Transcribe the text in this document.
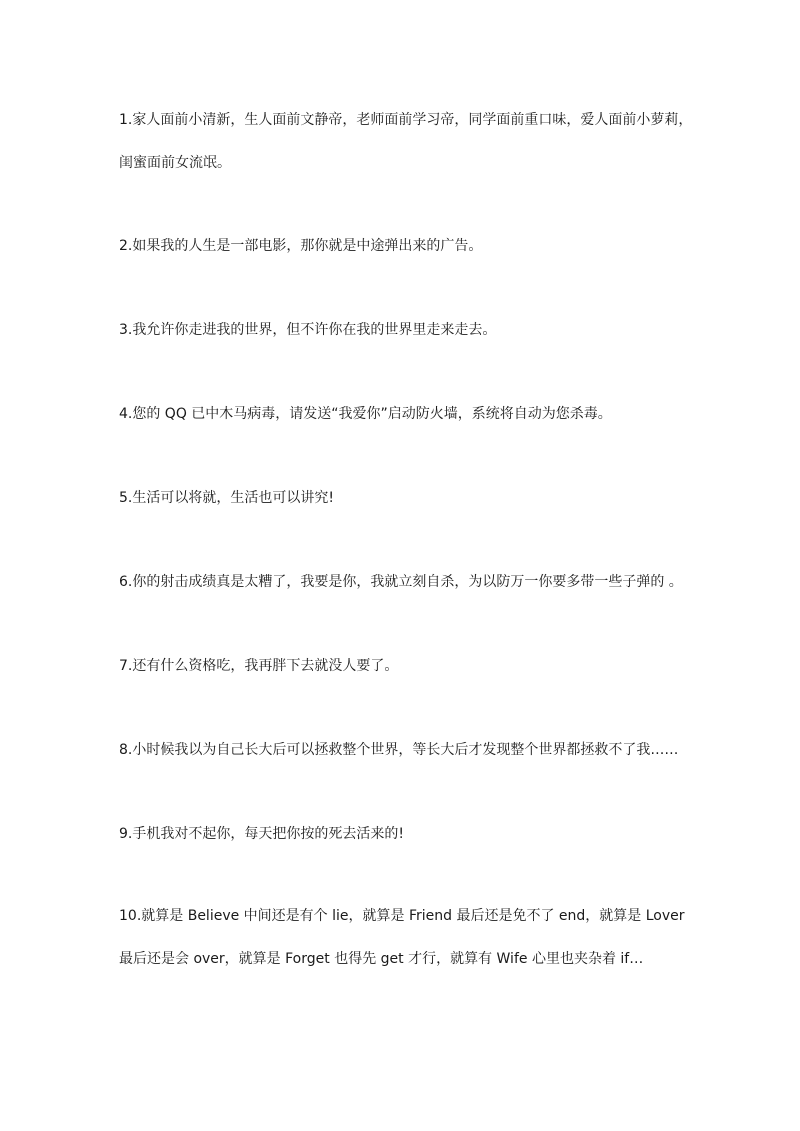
1.家人面前小清新，生人面前文静帝，老师面前学习帝，同学面前重口味，爱人面前小萝莉，
闺蜜面前女流氓。
2.如果我的人生是一部电影，那你就是中途弹出来的广告。
3.我允许你走进我的世界，但不许你在我的世界里走来走去。
4.您的 QQ 已中木马病毒，请发送“我爱你”启动防火墙，系统将自动为您杀毒。
5.生活可以将就，生活也可以讲究!
6.你的射击成绩真是太糟了，我要是你，我就立刻自杀，为以防万一你要多带一些子弹的 。
7.还有什么资格吃，我再胖下去就没人要了。
8.小时候我以为自己长大后可以拯救整个世界，等长大后才发现整个世界都拯救不了我……
9.手机我对不起你，每天把你按的死去活来的!
10.就算是 Believe 中间还是有个 lie，就算是 Friend 最后还是免不了 end，就算是 Lover
最后还是会 over，就算是 Forget 也得先 get 才行，就算有 Wife 心里也夹杂着 if…
